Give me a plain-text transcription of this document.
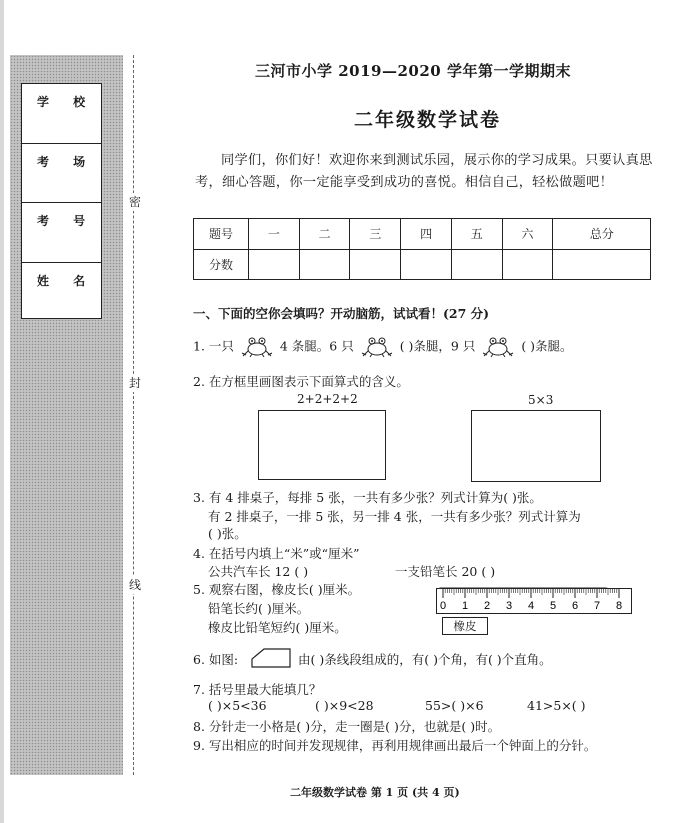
学 校
考 场
考 号
姓 名
密
封
线
三河市小学 2019—2020 学年第一学期期末
二年级数学试卷
同学们，你们好！欢迎你来到测试乐园，展示你的学习成果。只要认真思考，细心答题，你一定能享受到成功的喜悦。相信自己，轻松做题吧！
题号	一	二	三	四	五	六	总分
分数							
一、下面的空你会填吗？开动脑筋，试试看！(27 分)
1. 一只	4 条腿。6 只	( )条腿，9 只	( )条腿。
2. 在方框里画图表示下面算式的含义。
2+2+2+2	5×3
3. 有 4 排桌子，每排 5 张，一共有多少张？列式计算为( )张。
有 2 排桌子，一排 5 张，另一排 4 张，一共有多少张？列式计算为
( )张。
4. 在括号内填上“米”或“厘米”
公共汽车长 12 ( )	一支铅笔长 20 ( )
5. 观察右图，橡皮长( )厘米。
铅笔长约( )厘米。
橡皮比铅笔短约( )厘米。
0 1 2 3 4 5 6 7 8
橡皮
6. 如图:	由( )条线段组成的，有( )个角，有( )个直角。
7. 括号里最大能填几？
( )×5<36	( )×9<28	55>( )×6	41>5×( )
8. 分针走一小格是( )分，走一圈是( )分，也就是( )时。
9. 写出相应的时间并发现规律，再利用规律画出最后一个钟面上的分针。
二年级数学试卷 第 1 页 (共 4 页)
